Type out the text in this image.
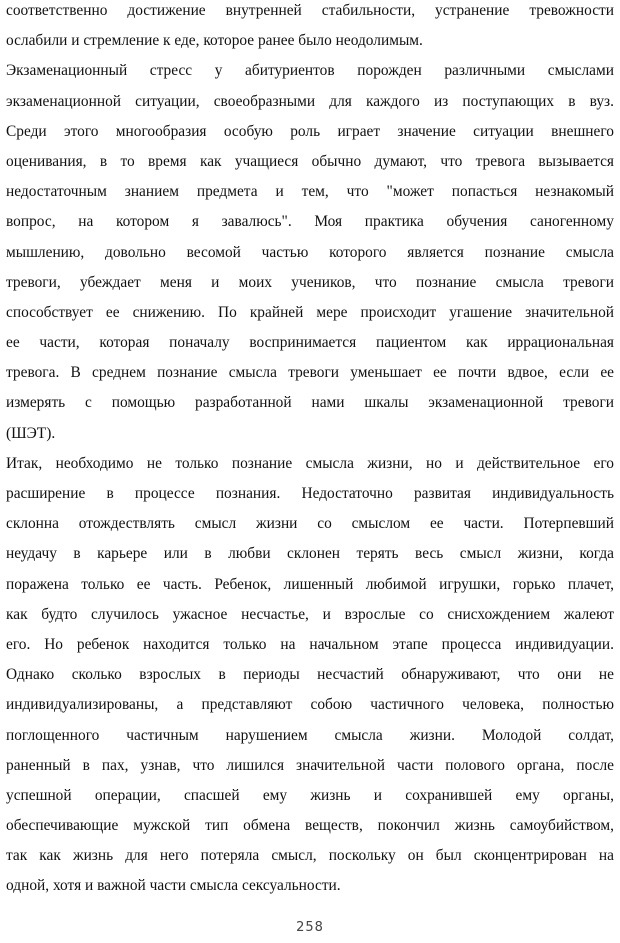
соответственно достижение внутренней стабильности, устранение тревожности
ослабили и стремление к еде, которое ранее было неодолимым.
Экзаменационный стресс у абитуриентов порожден различными смыслами
экзаменационной ситуации, своеобразными для каждого из поступающих в вуз.
Среди этого многообразия особую роль играет значение ситуации внешнего
оценивания, в то время как учащиеся обычно думают, что тревога вызывается
недостаточным знанием предмета и тем, что "может попасться незнакомый
вопрос, на котором я завалюсь". Моя практика обучения саногенному
мышлению, довольно весомой частью которого является познание смысла
тревоги, убеждает меня и моих учеников, что познание смысла тревоги
способствует ее снижению. По крайней мере происходит угашение значительной
ее части, которая поначалу воспринимается пациентом как иррациональная
тревога. В среднем познание смысла тревоги уменьшает ее почти вдвое, если ее
измерять с помощью разработанной нами шкалы экзаменационной тревоги
(ШЭТ).
Итак, необходимо не только познание смысла жизни, но и действительное его
расширение в процессе познания. Недостаточно развитая индивидуальность
склонна отождествлять смысл жизни со смыслом ее части. Потерпевший
неудачу в карьере или в любви склонен терять весь смысл жизни, когда
поражена только ее часть. Ребенок, лишенный любимой игрушки, горько плачет,
как будто случилось ужасное несчастье, и взрослые со снисхождением жалеют
его. Но ребенок находится только на начальном этапе процесса индивидуации.
Однако сколько взрослых в периоды несчастий обнаруживают, что они не
индивидуализированы, а представляют собою частичного человека, полностью
поглощенного частичным нарушением смысла жизни. Молодой солдат,
раненный в пах, узнав, что лишился значительной части полового органа, после
успешной операции, спасшей ему жизнь и сохранившей ему органы,
обеспечивающие мужской тип обмена веществ, покончил жизнь самоубийством,
так как жизнь для него потеряла смысл, поскольку он был сконцентрирован на
одной, хотя и важной части смысла сексуальности.
258
